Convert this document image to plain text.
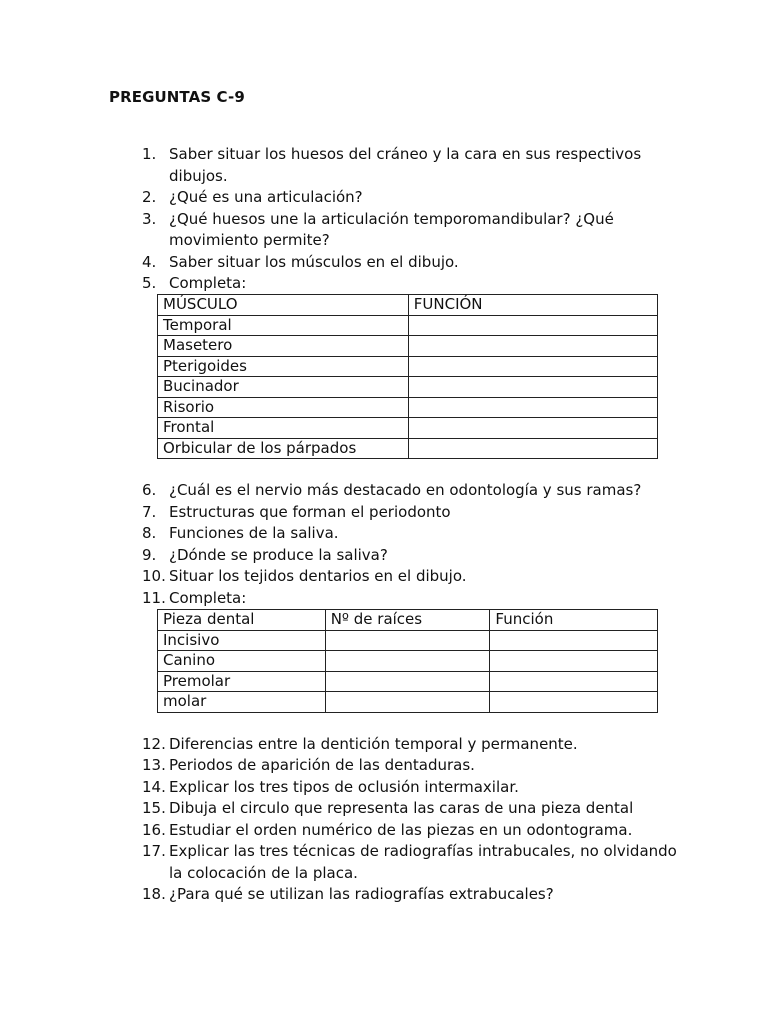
PREGUNTAS C-9
1. Saber situar los huesos del cráneo y la cara en sus respectivos
dibujos.
2. ¿Qué es una articulación?
3. ¿Qué huesos une la articulación temporomandibular? ¿Qué
movimiento permite?
4. Saber situar los músculos en el dibujo.
5. Completa:
MÚSCULO	FUNCIÓN
Temporal	
Masetero	
Pterigoides	
Bucinador	
Risorio	
Frontal	
Orbicular de los párpados	
6. ¿Cuál es el nervio más destacado en odontología y sus ramas?
7. Estructuras que forman el periodonto
8. Funciones de la saliva.
9. ¿Dónde se produce la saliva?
10. Situar los tejidos dentarios en el dibujo.
11. Completa:
Pieza dental	Nº de raíces	Función
Incisivo		
Canino		
Premolar		
molar		
12. Diferencias entre la dentición temporal y permanente.
13. Periodos de aparición de las dentaduras.
14. Explicar los tres tipos de oclusión intermaxilar.
15. Dibuja el circulo que representa las caras de una pieza dental
16. Estudiar el orden numérico de las piezas en un odontograma.
17. Explicar las tres técnicas de radiografías intrabucales, no olvidando
la colocación de la placa.
18. ¿Para qué se utilizan las radiografías extrabucales?
